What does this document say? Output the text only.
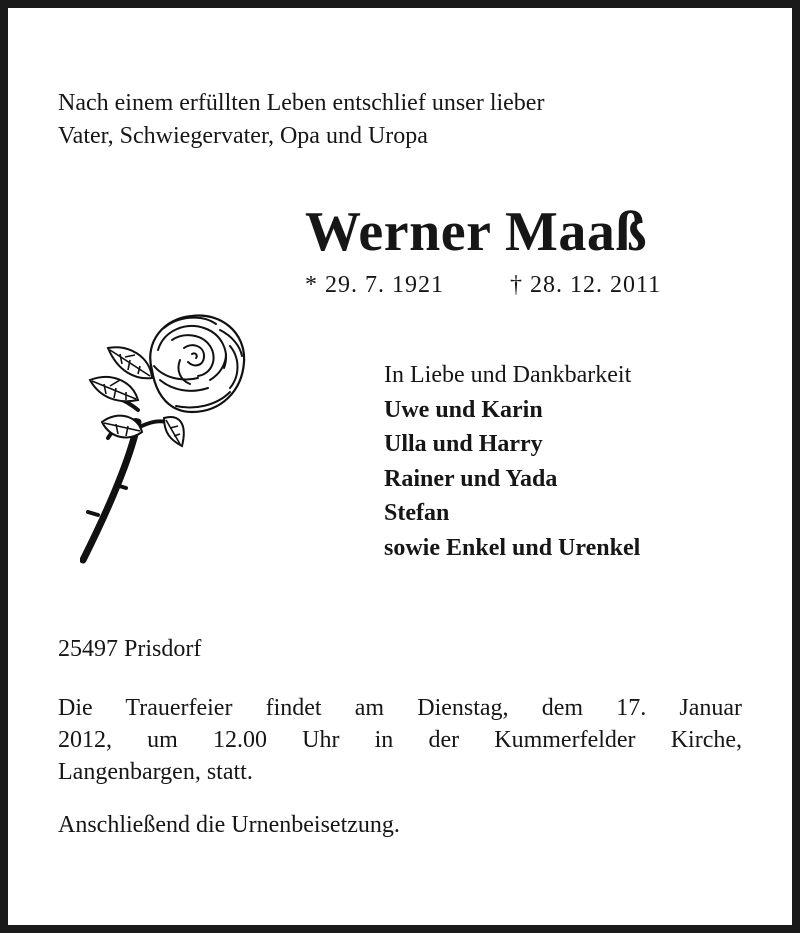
Nach einem erfüllten Leben entschlief unser lieber
Vater, Schwiegervater, Opa und Uropa
Werner Maaß
* 29. 7. 1921	† 28. 12. 2011
In Liebe und Dankbarkeit
Uwe und Karin
Ulla und Harry
Rainer und Yada
Stefan
sowie Enkel und Urenkel
25497 Prisdorf
Die Trauerfeier findet am Dienstag, dem 17. Januar
2012, um 12.00 Uhr in der Kummerfelder Kirche,
Langenbargen, statt.
Anschließend die Urnenbeisetzung.
